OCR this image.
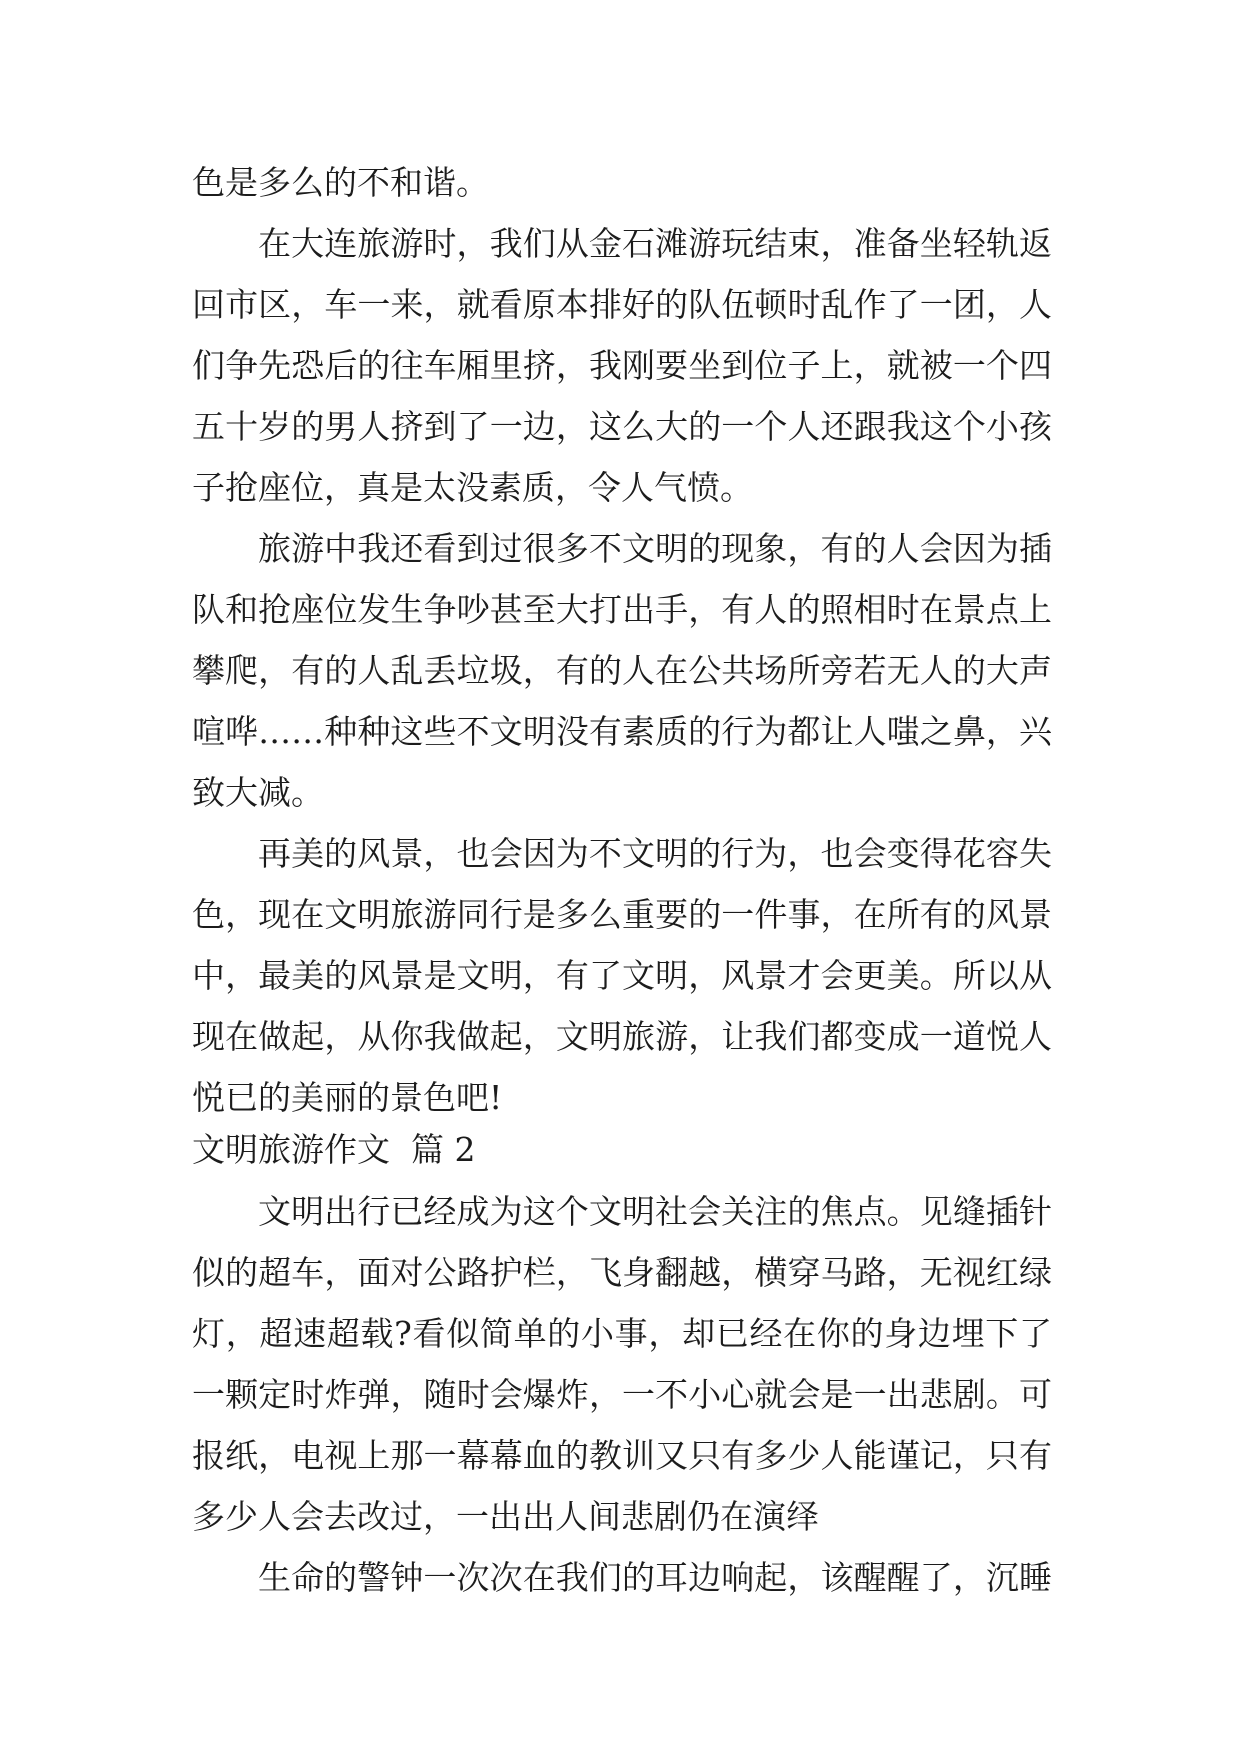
色是多么的不和谐。
在大连旅游时，我们从金石滩游玩结束，准备坐轻轨返
回市区，车一来，就看原本排好的队伍顿时乱作了一团，人
们争先恐后的往车厢里挤，我刚要坐到位子上，就被一个四
五十岁的男人挤到了一边，这么大的一个人还跟我这个小孩
子抢座位，真是太没素质，令人气愤。
旅游中我还看到过很多不文明的现象，有的人会因为插
队和抢座位发生争吵甚至大打出手，有人的照相时在景点上
攀爬，有的人乱丢垃圾，有的人在公共场所旁若无人的大声
喧哗……种种这些不文明没有素质的行为都让人嗤之鼻，兴
致大减。
再美的风景，也会因为不文明的行为，也会变得花容失
色，现在文明旅游同行是多么重要的一件事，在所有的风景
中，最美的风景是文明，有了文明，风景才会更美。所以从
现在做起，从你我做起，文明旅游，让我们都变成一道悦人
悦已的美丽的景色吧!
文明旅游作文  篇 2
文明出行已经成为这个文明社会关注的焦点。见缝插针
似的超车，面对公路护栏，飞身翻越，横穿马路，无视红绿
灯，超速超载?看似简单的小事，却已经在你的身边埋下了
一颗定时炸弹，随时会爆炸，一不小心就会是一出悲剧。可
报纸，电视上那一幕幕血的教训又只有多少人能谨记，只有
多少人会去改过，一出出人间悲剧仍在演绎
生命的警钟一次次在我们的耳边响起，该醒醒了，沉睡
